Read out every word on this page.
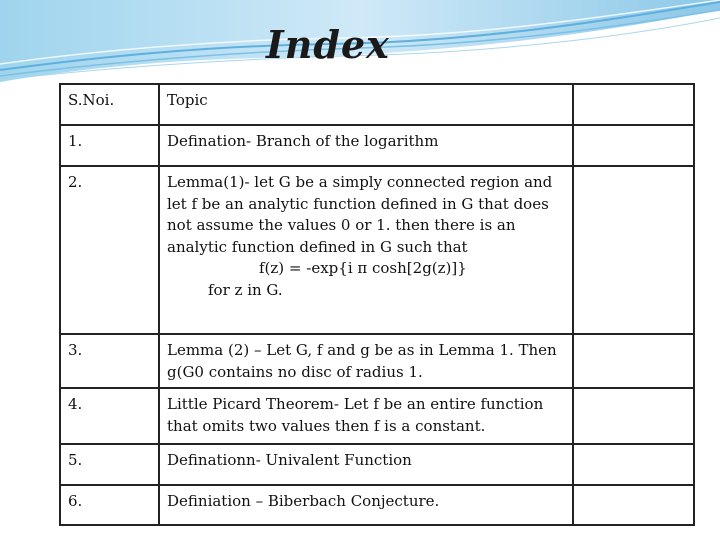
Index
S.Noi.	Topic	
1.	Defination- Branch of the logarithm	
2.	Lemma(1)- let G be a simply connected region and let f be an analytic function defined in G that does not assume the values 0 or 1. then there is an analytic function defined in G such that
f(z) = -exp{i π cosh[2g(z)]}
for z in G.	

3.	Lemma (2) – Let G, f and g be as in Lemma 1. Then g(G0 contains no disc of radius 1.	
4.	Little Picard Theorem- Let f be an entire function that omits two values then f is a constant.	
5.	Definationn- Univalent Function	
6.	Definiation – Biberbach Conjecture.	
